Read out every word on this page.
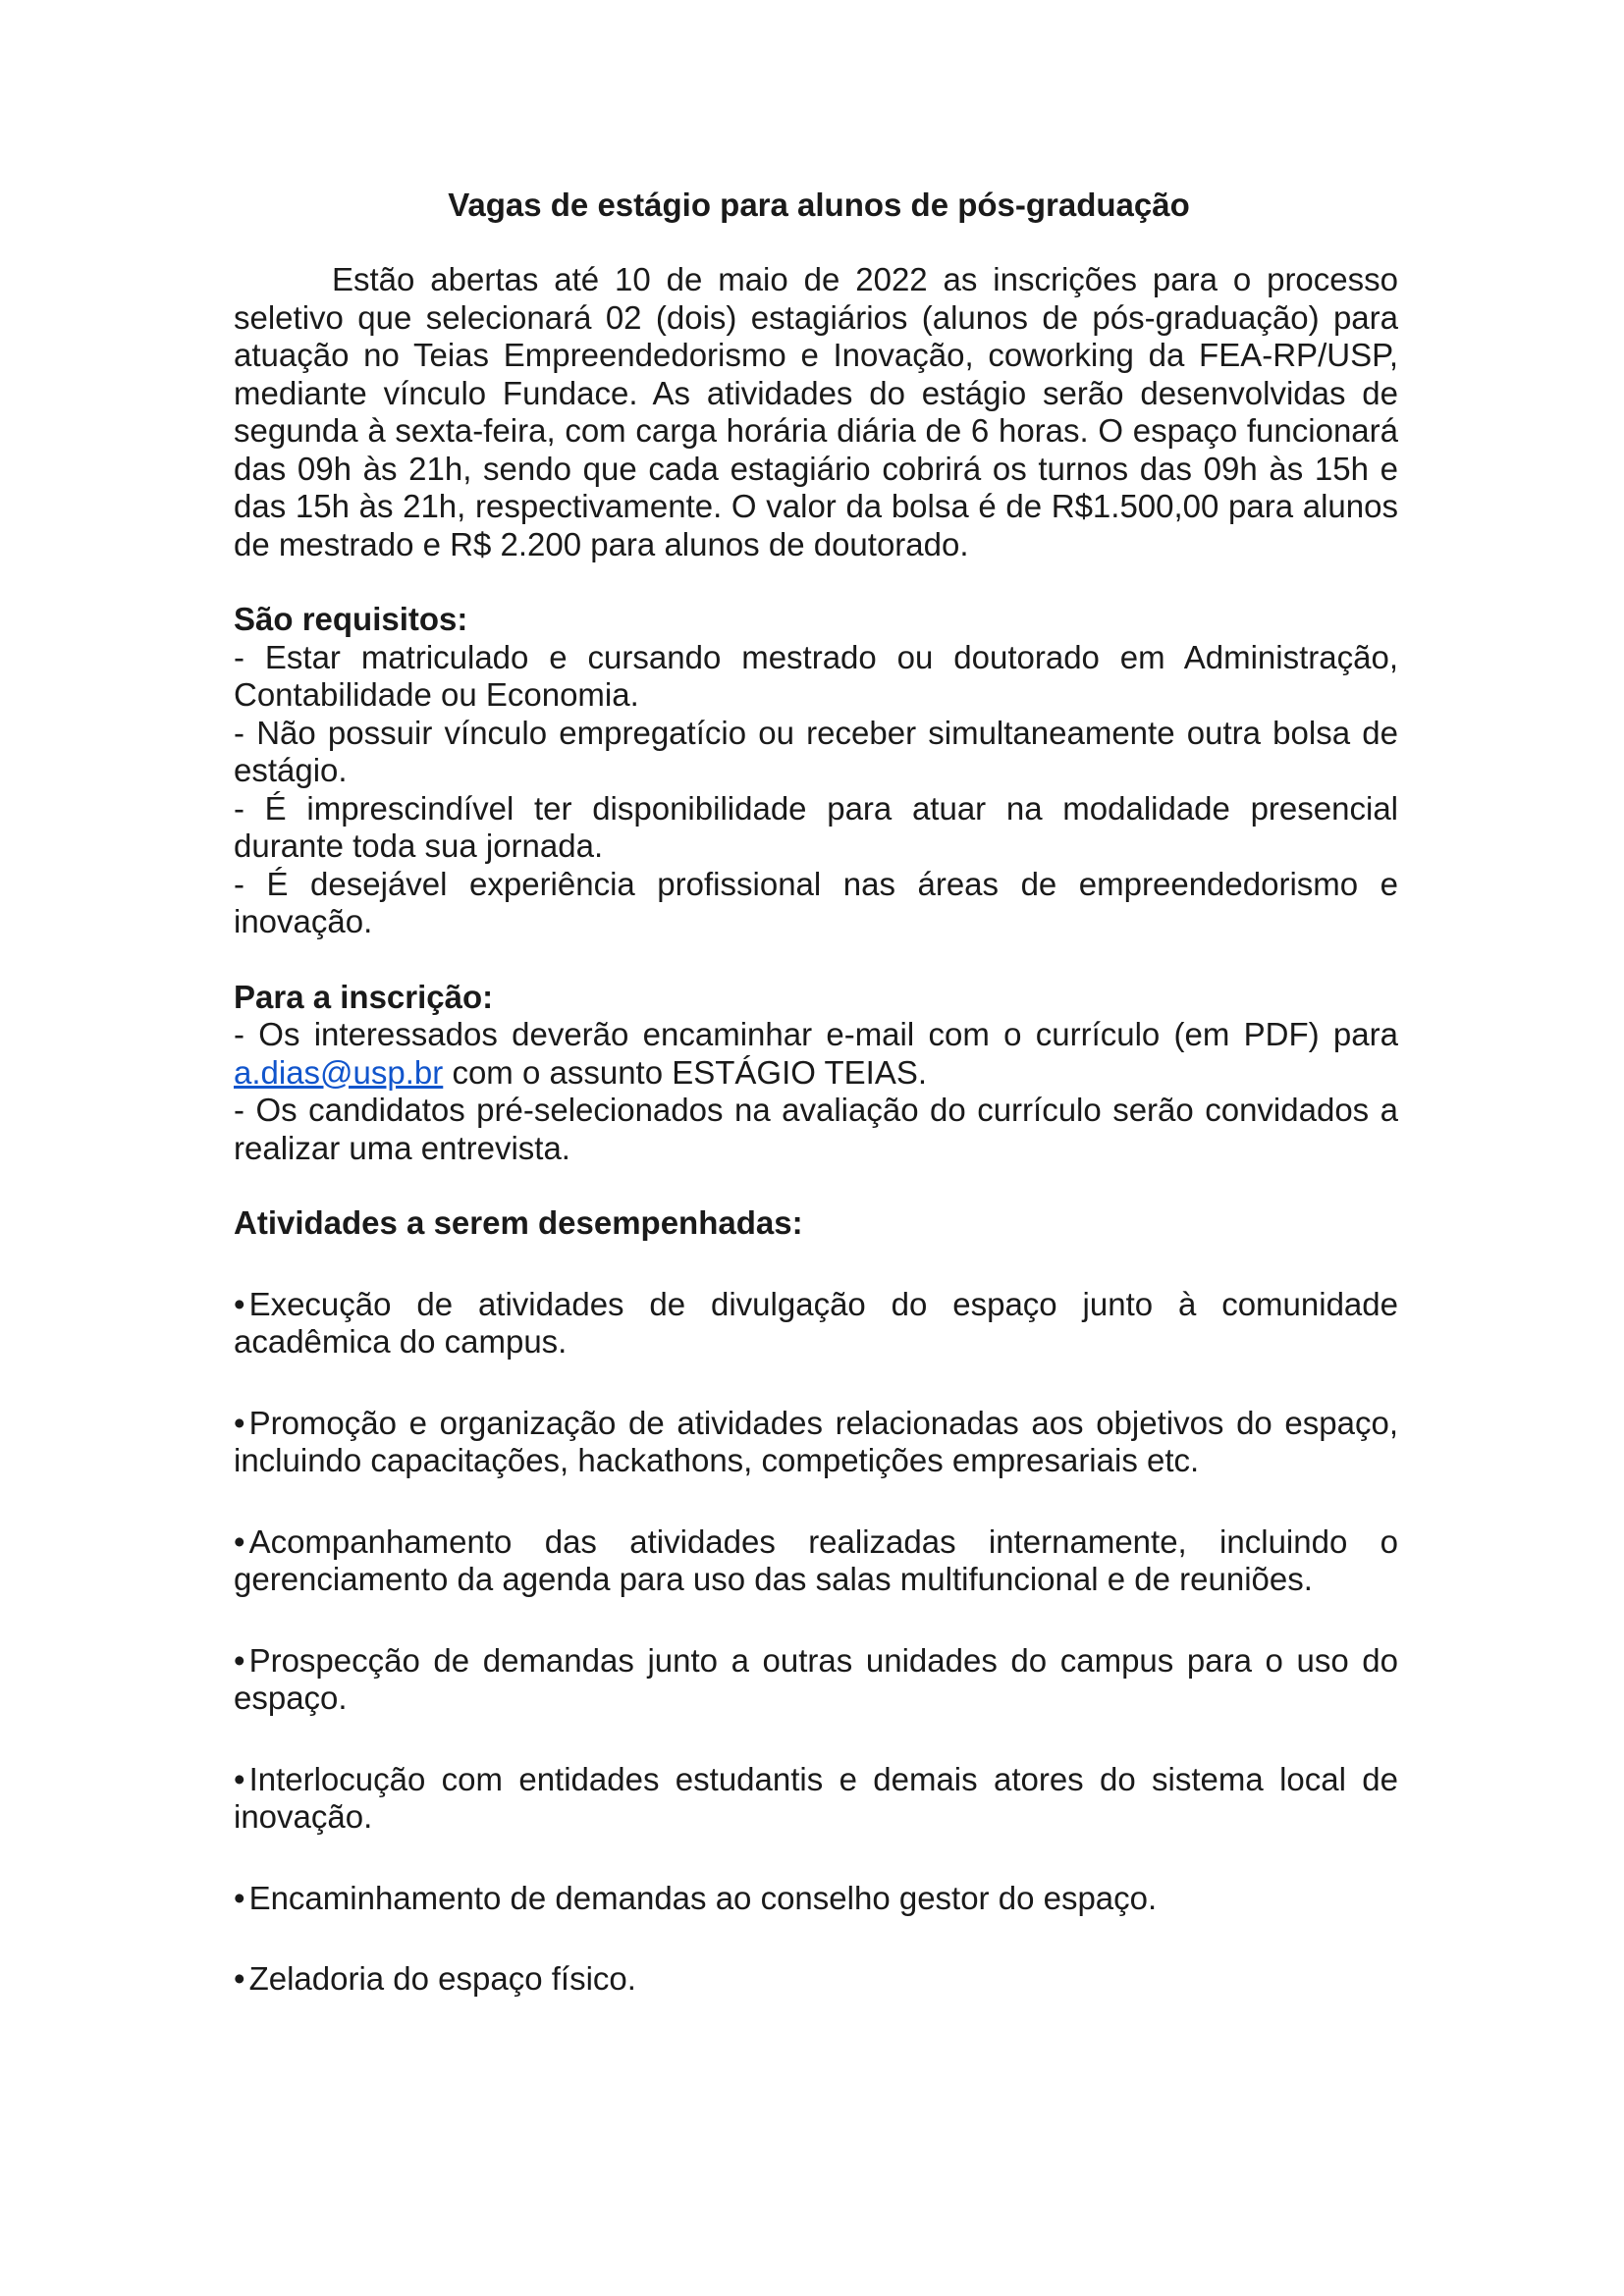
Vagas de estágio para alunos de pós-graduação

Estão abertas até 10 de maio de 2022 as inscrições para o processo seletivo que selecionará 02 (dois) estagiários (alunos de pós-graduação) para atuação no Teias Empreendedorismo e Inovação, coworking da FEA-RP/USP, mediante vínculo Fundace. As atividades do estágio serão desenvolvidas de segunda à sexta-feira, com carga horária diária de 6 horas. O espaço funcionará das 09h às 21h, sendo que cada estagiário cobrirá os turnos das 09h às 15h e das 15h às 21h, respectivamente. O valor da bolsa é de R$1.500,00 para alunos de mestrado e R$ 2.200 para alunos de doutorado.

São requisitos:

- Estar matriculado e cursando mestrado ou doutorado em Administração, Contabilidade ou Economia.

- Não possuir vínculo empregatício ou receber simultaneamente outra bolsa de estágio.

- É imprescindível ter disponibilidade para atuar na modalidade presencial durante toda sua jornada.

- É desejável experiência profissional nas áreas de empreendedorismo e inovação.

Para a inscrição:

- Os interessados deverão encaminhar e-mail com o currículo (em PDF) para a.dias@usp.br com o assunto ESTÁGIO TEIAS.

- Os candidatos pré-selecionados na avaliação do currículo serão convidados a realizar uma entrevista.

Atividades a serem desempenhadas:

• Execução de atividades de divulgação do espaço junto à comunidade acadêmica do campus.

• Promoção e organização de atividades relacionadas aos objetivos do espaço, incluindo capacitações, hackathons, competições empresariais etc.

• Acompanhamento das atividades realizadas internamente, incluindo o gerenciamento da agenda para uso das salas multifuncional e de reuniões.

• Prospecção de demandas junto a outras unidades do campus para o uso do espaço.

• Interlocução com entidades estudantis e demais atores do sistema local de inovação.

• Encaminhamento de demandas ao conselho gestor do espaço.

• Zeladoria do espaço físico.
